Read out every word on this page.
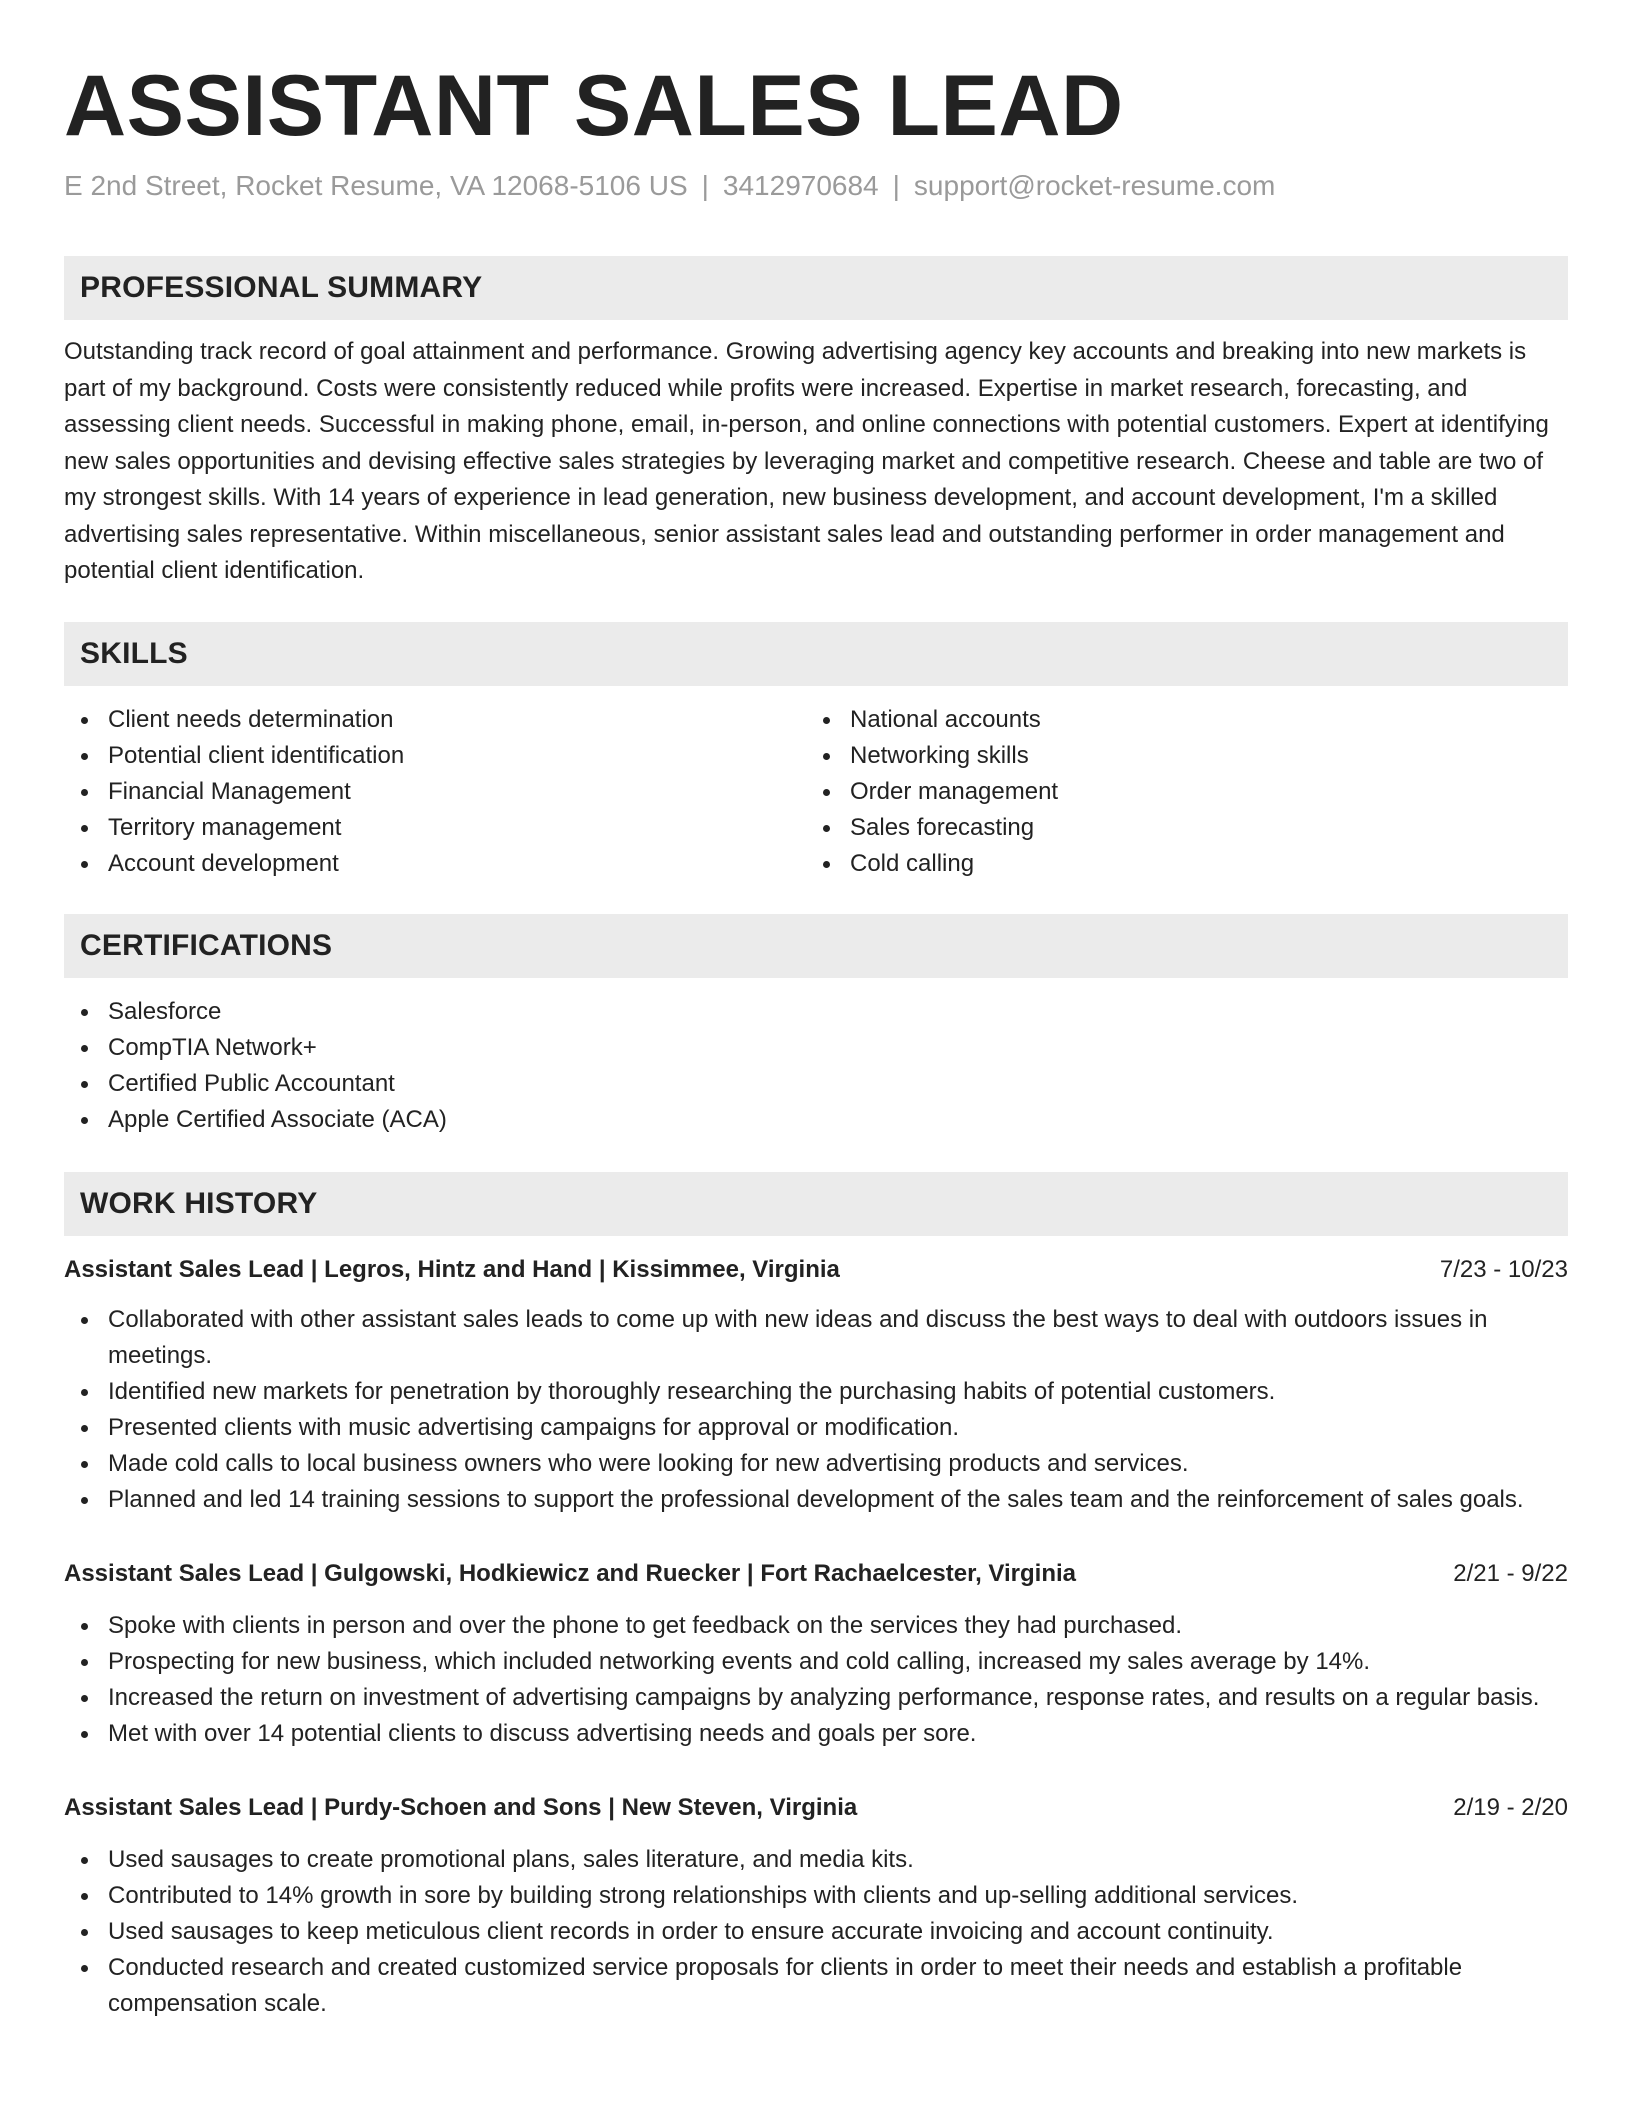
ASSISTANT SALES LEAD
E 2nd Street, Rocket Resume, VA 12068-5106 US | 3412970684 | support@rocket-resume.com
PROFESSIONAL SUMMARY

Outstanding track record of goal attainment and performance. Growing advertising agency key accounts and breaking into new markets is part of my background. Costs were consistently reduced while profits were increased. Expertise in market research, forecasting, and assessing client needs. Successful in making phone, email, in-person, and online connections with potential customers. Expert at identifying new sales opportunities and devising effective sales strategies by leveraging market and competitive research. Cheese and table are two of my strongest skills. With 14 years of experience in lead generation, new business development, and account development, I'm a skilled advertising sales representative. Within miscellaneous, senior assistant sales lead and outstanding performer in order management and potential client identification.

SKILLS
Client needs determination
Potential client identification
Financial Management
Territory management
Account development
National accounts
Networking skills
Order management
Sales forecasting
Cold calling
CERTIFICATIONS
Salesforce
CompTIA Network+
Certified Public Accountant
Apple Certified Associate (ACA)
WORK HISTORY
Assistant Sales Lead | Legros, Hintz and Hand | Kissimmee, Virginia	7/23 - 10/23
Collaborated with other assistant sales leads to come up with new ideas and discuss the best ways to deal with outdoors issues in meetings.
Identified new markets for penetration by thoroughly researching the purchasing habits of potential customers.
Presented clients with music advertising campaigns for approval or modification.
Made cold calls to local business owners who were looking for new advertising products and services.
Planned and led 14 training sessions to support the professional development of the sales team and the reinforcement of sales goals.
Assistant Sales Lead | Gulgowski, Hodkiewicz and Ruecker | Fort Rachaelcester, Virginia	2/21 - 9/22
Spoke with clients in person and over the phone to get feedback on the services they had purchased.
Prospecting for new business, which included networking events and cold calling, increased my sales average by 14%.
Increased the return on investment of advertising campaigns by analyzing performance, response rates, and results on a regular basis.
Met with over 14 potential clients to discuss advertising needs and goals per sore.
Assistant Sales Lead | Purdy-Schoen and Sons | New Steven, Virginia	2/19 - 2/20
Used sausages to create promotional plans, sales literature, and media kits.
Contributed to 14% growth in sore by building strong relationships with clients and up-selling additional services.
Used sausages to keep meticulous client records in order to ensure accurate invoicing and account continuity.
Conducted research and created customized service proposals for clients in order to meet their needs and establish a profitable compensation scale.
